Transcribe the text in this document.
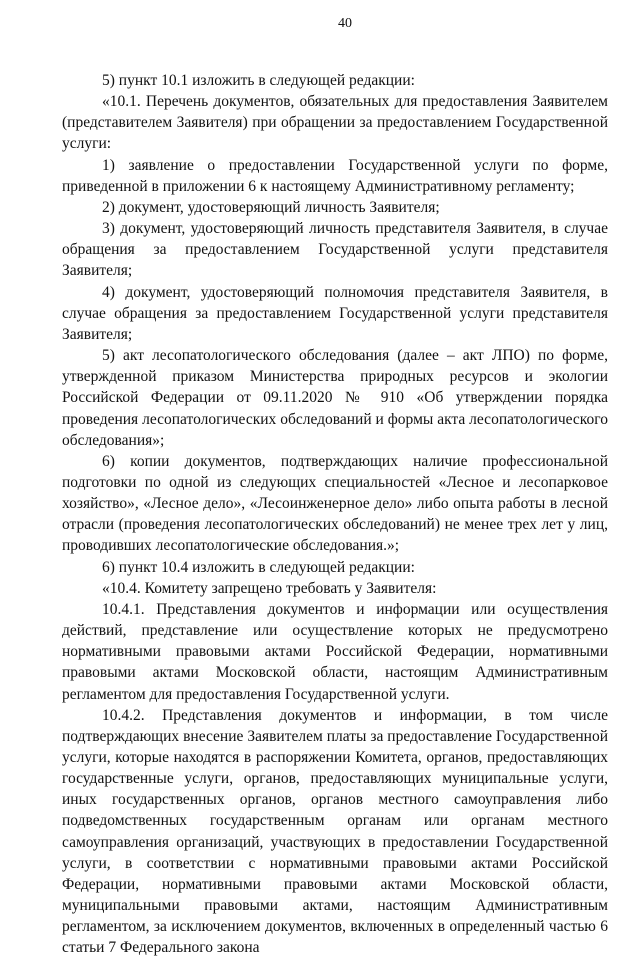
40

5) пункт 10.1 изложить в следующей редакции:

«10.1. Перечень документов, обязательных для предоставления Заявителем (представителем Заявителя) при обращении за предоставлением Государственной услуги:

1) заявление о предоставлении Государственной услуги по форме, приведенной в приложении 6 к настоящему Административному регламенту;

2) документ, удостоверяющий личность Заявителя;

3) документ, удостоверяющий личность представителя Заявителя, в случае обращения за предоставлением Государственной услуги представителя Заявителя;

4) документ, удостоверяющий полномочия представителя Заявителя, в случае обращения за предоставлением Государственной услуги представителя Заявителя;

5) акт лесопатологического обследования (далее – акт ЛПО) по форме, утвержденной приказом Министерства природных ресурсов и экологии Российской Федерации от 09.11.2020 № 910 «Об утверждении порядка проведения лесопатологических обследований и формы акта лесопатологического обследования»;

6) копии документов, подтверждающих наличие профессиональной подготовки по одной из следующих специальностей «Лесное и лесопарковое хозяйство», «Лесное дело», «Лесоинженерное дело» либо опыта работы в лесной отрасли (проведения лесопатологических обследований) не менее трех лет у лиц, проводивших лесопатологические обследования.»;

6) пункт 10.4 изложить в следующей редакции:

«10.4. Комитету запрещено требовать у Заявителя:

10.4.1. Представления документов и информации или осуществления действий, представление или осуществление которых не предусмотрено нормативными правовыми актами Российской Федерации, нормативными правовыми актами Московской области, настоящим Административным регламентом для предоставления Государственной услуги.

10.4.2. Представления документов и информации, в том числе подтверждающих внесение Заявителем платы за предоставление Государственной услуги, которые находятся в распоряжении Комитета, органов, предоставляющих государственные услуги, органов, предоставляющих муниципальные услуги, иных государственных органов, органов местного самоуправления либо подведомственных государственным органам или органам местного самоуправления организаций, участвующих в предоставлении Государственной услуги, в соответствии с нормативными правовыми актами Российской Федерации, нормативными правовыми актами Московской области, муниципальными правовыми актами, настоящим Административным регламентом, за исключением документов, включенных в определенный частью 6 статьи 7 Федерального закона
